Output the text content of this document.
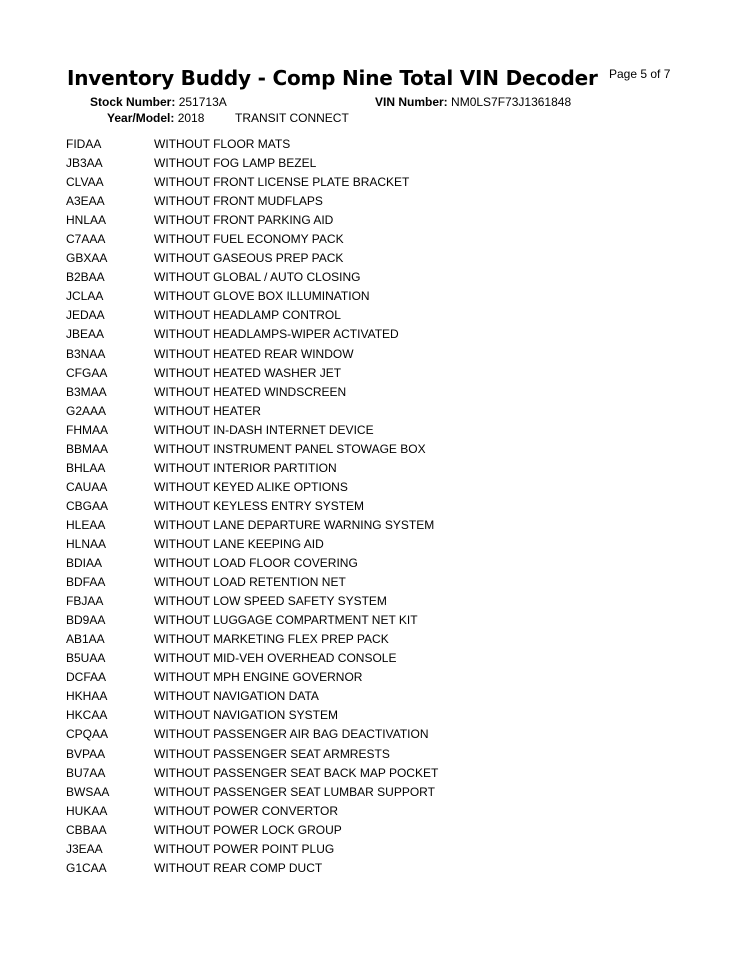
Inventory Buddy - Comp Nine Total VIN Decoder Page 5 of 7
Stock Number: 251713A	VIN Number: NM0LS7F73J1361848
Year/Model: 2018	TRANSIT CONNECT
FIDAA	WITHOUT FLOOR MATS
JB3AA	WITHOUT FOG LAMP BEZEL
CLVAA	WITHOUT FRONT LICENSE PLATE BRACKET
A3EAA	WITHOUT FRONT MUDFLAPS
HNLAA	WITHOUT FRONT PARKING AID
C7AAA	WITHOUT FUEL ECONOMY PACK
GBXAA	WITHOUT GASEOUS PREP PACK
B2BAA	WITHOUT GLOBAL / AUTO CLOSING
JCLAA	WITHOUT GLOVE BOX ILLUMINATION
JEDAA	WITHOUT HEADLAMP CONTROL
JBEAA	WITHOUT HEADLAMPS-WIPER ACTIVATED
B3NAA	WITHOUT HEATED REAR WINDOW
CFGAA	WITHOUT HEATED WASHER JET
B3MAA	WITHOUT HEATED WINDSCREEN
G2AAA	WITHOUT HEATER
FHMAA	WITHOUT IN-DASH INTERNET DEVICE
BBMAA	WITHOUT INSTRUMENT PANEL STOWAGE BOX
BHLAA	WITHOUT INTERIOR PARTITION
CAUAA	WITHOUT KEYED ALIKE OPTIONS
CBGAA	WITHOUT KEYLESS ENTRY SYSTEM
HLEAA	WITHOUT LANE DEPARTURE WARNING SYSTEM
HLNAA	WITHOUT LANE KEEPING AID
BDIAA	WITHOUT LOAD FLOOR COVERING
BDFAA	WITHOUT LOAD RETENTION NET
FBJAA	WITHOUT LOW SPEED SAFETY SYSTEM
BD9AA	WITHOUT LUGGAGE COMPARTMENT NET KIT
AB1AA	WITHOUT MARKETING FLEX PREP PACK
B5UAA	WITHOUT MID-VEH OVERHEAD CONSOLE
DCFAA	WITHOUT MPH ENGINE GOVERNOR
HKHAA	WITHOUT NAVIGATION DATA
HKCAA	WITHOUT NAVIGATION SYSTEM
CPQAA	WITHOUT PASSENGER AIR BAG DEACTIVATION
BVPAA	WITHOUT PASSENGER SEAT ARMRESTS
BU7AA	WITHOUT PASSENGER SEAT BACK MAP POCKET
BWSAA	WITHOUT PASSENGER SEAT LUMBAR SUPPORT
HUKAA	WITHOUT POWER CONVERTOR
CBBAA	WITHOUT POWER LOCK GROUP
J3EAA	WITHOUT POWER POINT PLUG
G1CAA	WITHOUT REAR COMP DUCT
